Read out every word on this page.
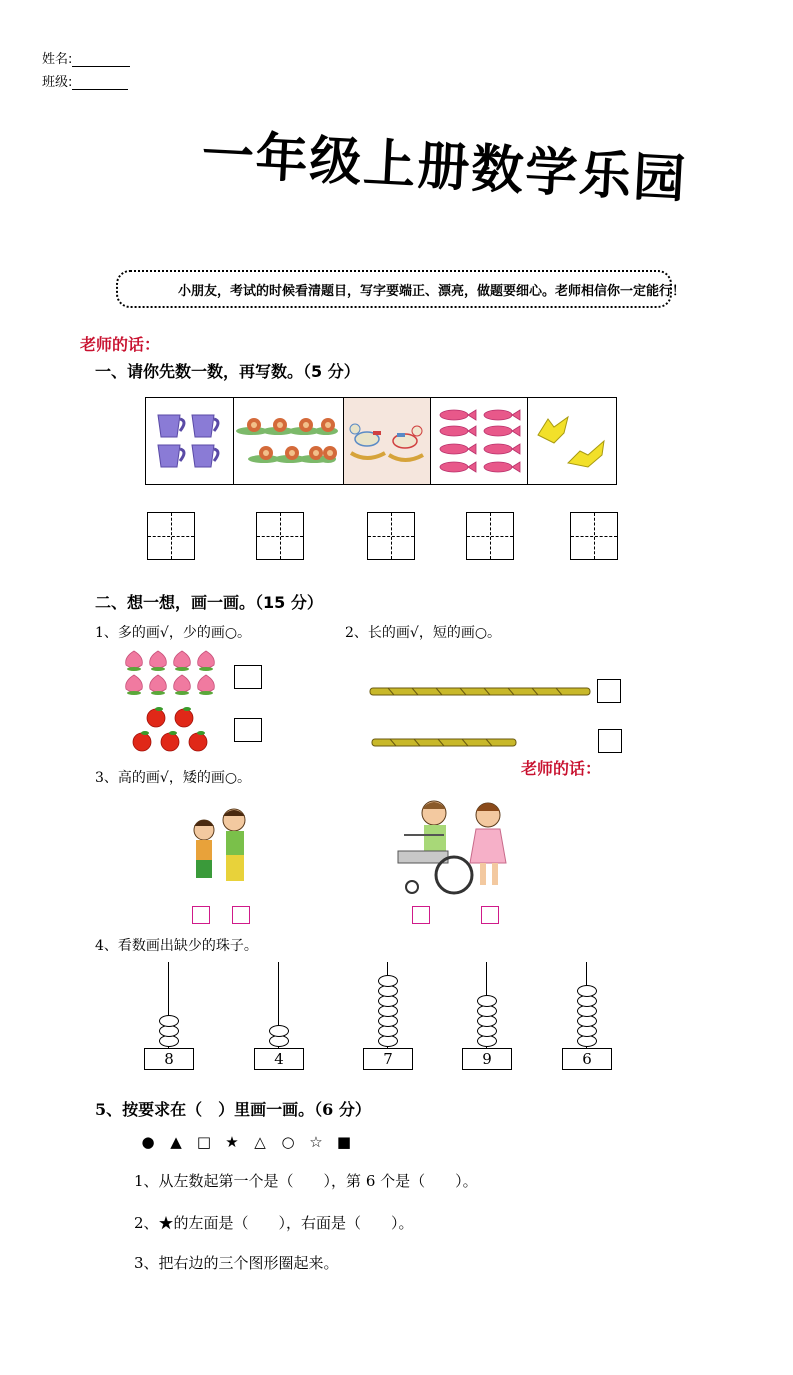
姓名:
班级:
一年级上册数学乐园
小朋友，考试的时候看清题目，写字要端正、漂亮，做题要细心。老师相信你一定能行！
老师的话：
一、请你先数一数，再写数。（5 分）
二、想一想，画一画。（15 分）
1、多的画√，少的画○。	2、长的画√，短的画○。
老师的话：
3、高的画√，矮的画○。
4、看数画出缺少的珠子。
8	4	7	9	6
5、按要求在（　）里画一画。（6 分）
● ▲ □ ★ △ ○ ☆ ■
1、从左数起第一个是（　　），第 6 个是（　　）。
2、★的左面是（　　），右面是（　　）。
3、把右边的三个图形圈起来。
